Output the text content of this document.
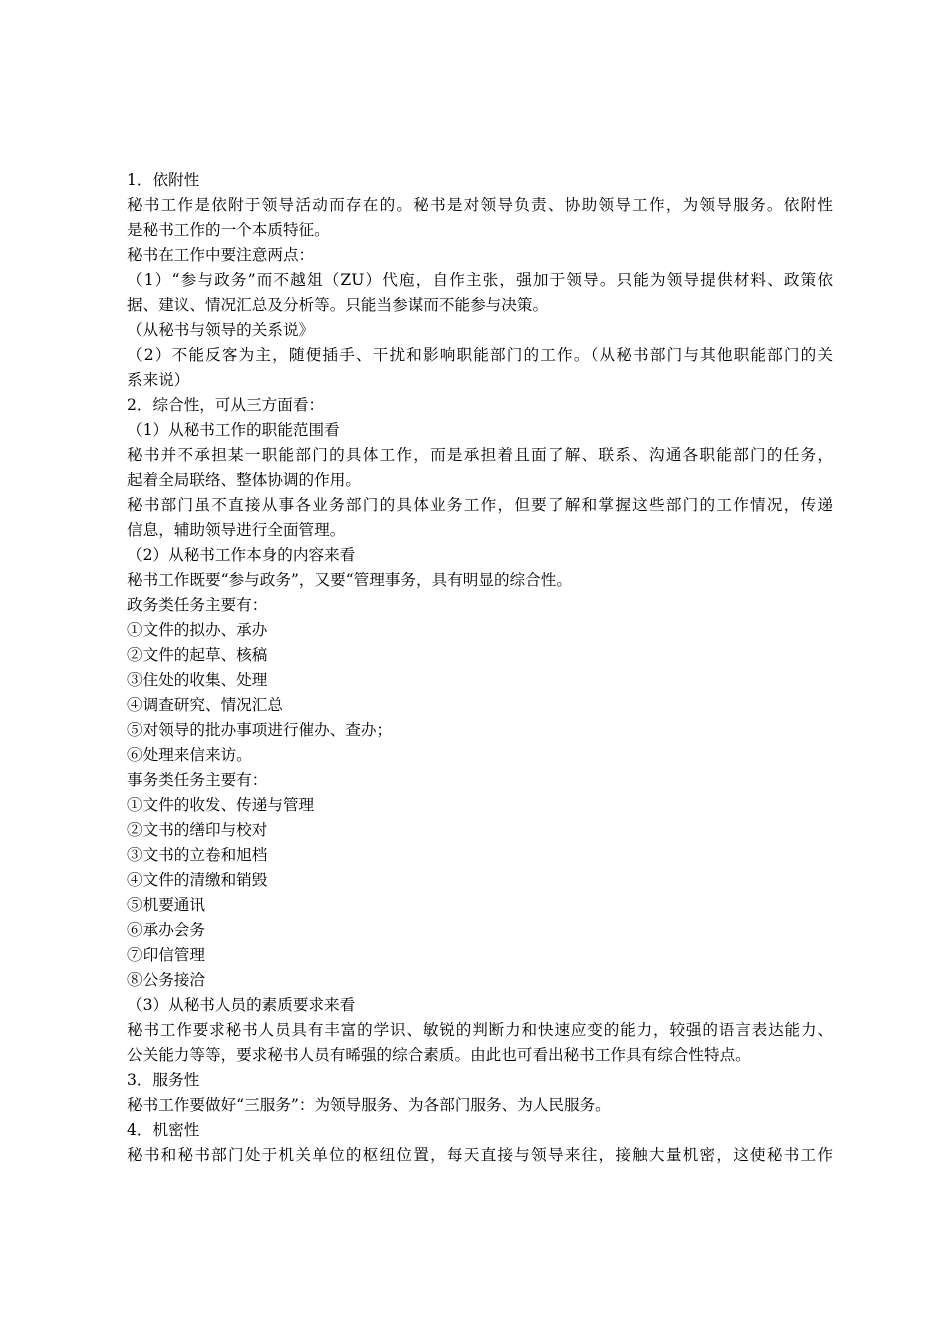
1．依附性
秘书工作是依附于领导活动而存在的。秘书是对领导负责、协助领导工作，为领导服务。依附性
是秘书工作的一个本质特征。
秘书在工作中要注意两点：
（1）“参与政务”而不越俎（ZU）代庖，自作主张，强加于领导。只能为领导提供材料、政策依
据、建议、情况汇总及分析等。只能当参谋而不能参与决策。
（从秘书与领导的关系说》
（2）不能反客为主，随便插手、干扰和影响职能部门的工作。（从秘书部门与其他职能部门的关
系来说）
2．综合性，可从三方面看：
（1）从秘书工作的职能范围看
秘书并不承担某一职能部门的具体工作，而是承担着且面了解、联系、沟通各职能部门的任务，
起着全局联络、整体协调的作用。
秘书部门虽不直接从事各业务部门的具体业务工作，但要了解和掌握这些部门的工作情况，传递
信息，辅助领导进行全面管理。
（2）从秘书工作本身的内容来看
秘书工作既要“参与政务”，又要“管理事务，具有明显的综合性。
政务类任务主要有：
①文件的拟办、承办
②文件的起草、核稿
③住处的收集、处理
④调查研究、情况汇总
⑤对领导的批办事项进行催办、查办；
⑥处理来信来访。
事务类任务主要有：
①文件的收发、传递与管理
②文书的缮印与校对
③文书的立卷和旭档
④文件的清缴和销毁
⑤机要通讯
⑥承办会务
⑦印信管理
⑧公务接洽
（3）从秘书人员的素质要求来看
秘书工作要求秘书人员具有丰富的学识、敏锐的判断力和快速应变的能力，较强的语言表达能力、
公关能力等等，要求秘书人员有晞强的综合素质。由此也可看出秘书工作具有综合性特点。
3．服务性
秘书工作要做好“三服务”：为领导服务、为各部门服务、为人民服务。
4．机密性
秘书和秘书部门处于机关单位的枢纽位置，每天直接与领导来往，接触大量机密，这使秘书工作
